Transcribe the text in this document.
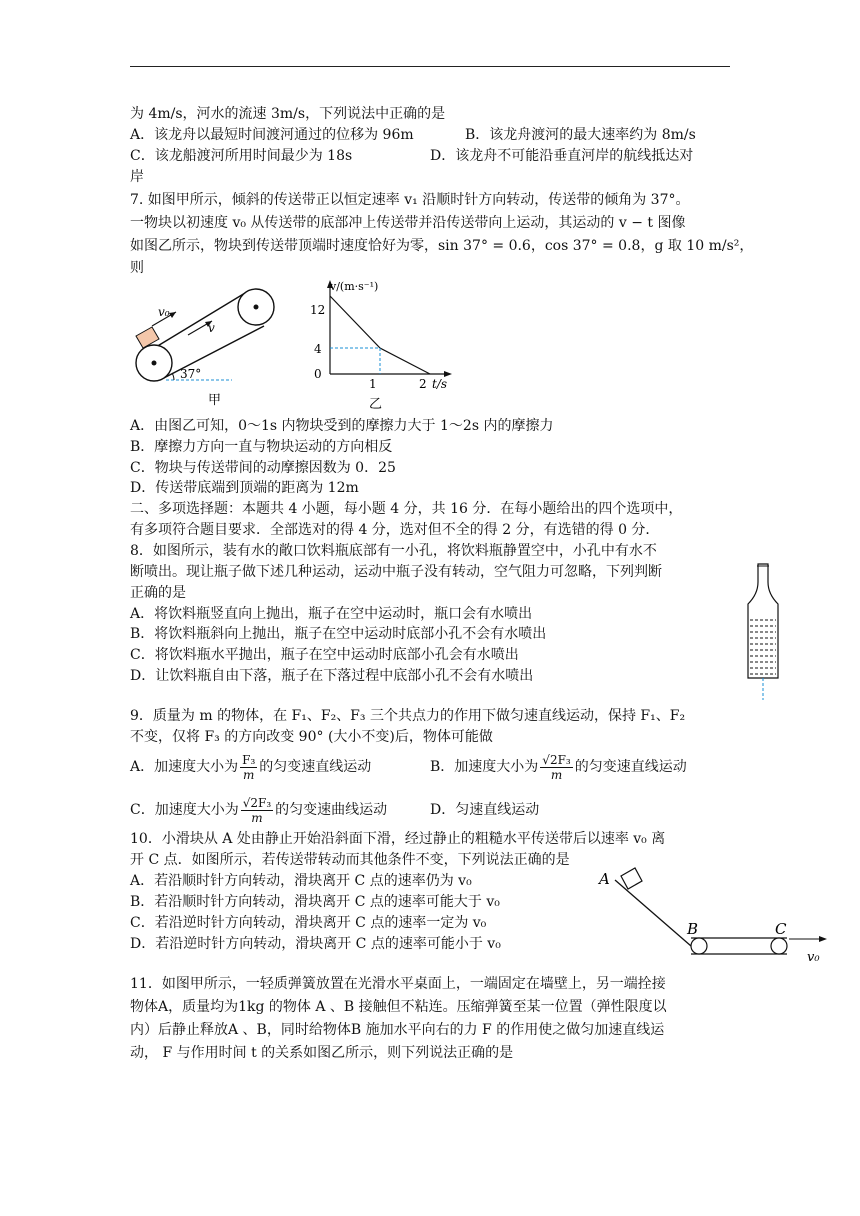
为 4m/s，河水的流速 3m/s，下列说法中正确的是
A．该龙舟以最短时间渡河通过的位移为 96m	B．该龙舟渡河的最大速率约为 8m/s
C．该龙船渡河所用时间最少为 18s	D．该龙舟不可能沿垂直河岸的航线抵达对
岸
7. 如图甲所示，倾斜的传送带正以恒定速率 v₁ 沿顺时针方向转动，传送带的倾角为 37°。
一物块以初速度 v₀ 从传送带的底部冲上传送带并沿传送带向上运动，其运动的 v − t 图像
如图乙所示，物块到传送带顶端时速度恰好为零，sin 37° = 0.6，cos 37° = 0.8，g 取 10 m/s²，
则
v₀
v
37°
甲
v/(m·s⁻¹)
12
4
0
1	2 t/s
乙
A．由图乙可知，0～1s 内物块受到的摩擦力大于 1～2s 内的摩擦力
B．摩擦力方向一直与物块运动的方向相反
C．物块与传送带间的动摩擦因数为 0．25
D．传送带底端到顶端的距离为 12m
二、多项选择题：本题共 4 小题，每小题 4 分，共 16 分．在每小题给出的四个选项中，
有多项符合题目要求．全部选对的得 4 分，选对但不全的得 2 分，有选错的得 0 分．
8．如图所示，装有水的敞口饮料瓶底部有一小孔，将饮料瓶静置空中，小孔中有水不
断喷出。现让瓶子做下述几种运动，运动中瓶子没有转动，空气阻力可忽略，下列判断
正确的是
A．将饮料瓶竖直向上抛出，瓶子在空中运动时，瓶口会有水喷出
B．将饮料瓶斜向上抛出，瓶子在空中运动时底部小孔不会有水喷出
C．将饮料瓶水平抛出，瓶子在空中运动时底部小孔会有水喷出
D．让饮料瓶自由下落，瓶子在下落过程中底部小孔不会有水喷出
9．质量为 m 的物体，在 F₁、F₂、F₃ 三个共点力的作用下做匀速直线运动，保持 F₁、F₂
不变，仅将 F₃ 的方向改变 90° (大小不变)后，物体可能做
A．加速度大小为 $\frac{\text{F₃}}{m}$ 的匀变速直线运动	B．加速度大小为 $\frac{\text{√2F₃}}{m}$ 的匀变速直线运动
C．加速度大小为 $\frac{\text{√2F₃}}{m}$ 的匀变速曲线运动	D．匀速直线运动
10．小滑块从 A 处由静止开始沿斜面下滑，经过静止的粗糙水平传送带后以速率 v₀ 离
开 C 点．如图所示，若传送带转动而其他条件不变，下列说法正确的是
A．若沿顺时针方向转动，滑块离开 C 点的速率仍为 v₀
B．若沿顺时针方向转动，滑块离开 C 点的速率可能大于 v₀
C．若沿逆时针方向转动，滑块离开 C 点的速率一定为 v₀
D．若沿逆时针方向转动，滑块离开 C 点的速率可能小于 v₀
A
B	C
v₀
11．如图甲所示，一轻质弹簧放置在光滑水平桌面上，一端固定在墙壁上，另一端拴接
物体A，质量均为1kg 的物体 A 、B 接触但不粘连。压缩弹簧至某一位置（弹性限度以
内）后静止释放A 、B，同时给物体B 施加水平向右的力 F 的作用使之做匀加速直线运
动， F 与作用时间 t 的关系如图乙所示，则下列说法正确的是
